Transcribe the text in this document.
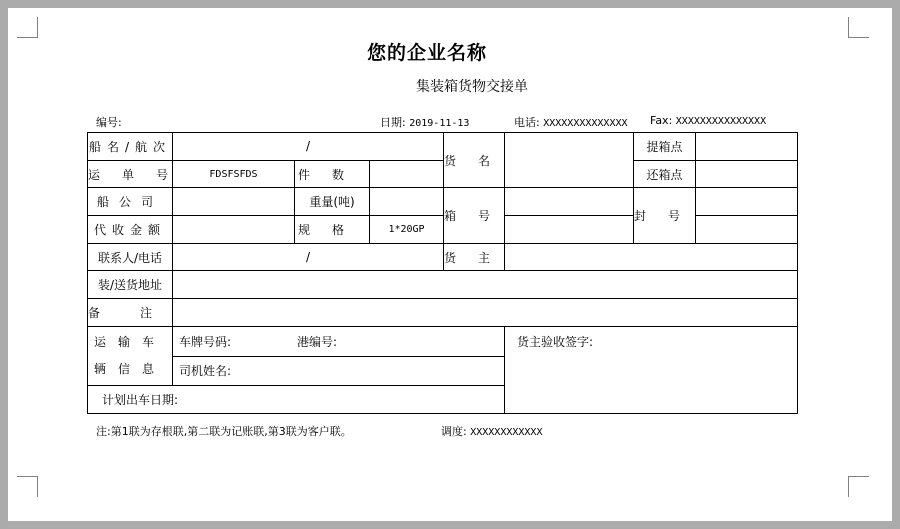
您的企业名称
集装箱货物交接单
编号:	日期: 2019-11-13	电话: XXXXXXXXXXXXXX Fax: XXXXXXXXXXXXXXX
船名/航次	/			货名		提箱点	
运单号	FDSFSFDS	件数				还箱点	
船公司		重量(吨)		箱号		封号	
代收金额		规格	1*20GP				
联系人/电话	/			货主			
装/送货地址							
备注							

运输车
辆信息	车牌号码: 港编号:				货主验收签字:		
	司机姓名:						
计划出车日期:							
注:第1联为存根联,第二联为记账联,第3联为客户联。	调度: XXXXXXXXXXXX
